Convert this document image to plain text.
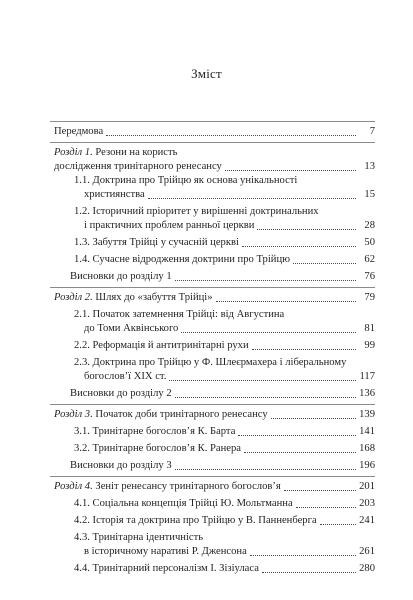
Зміст
Передмова	7
Розділ 1. Резони на користь
дослідження тринітарного ренесансу	13
1.1. Доктрина про Трійцю як основа унікальності
християнства	15
1.2. Історичний пріоритет у вирішенні доктринальних
і практичних проблем ранньої церкви	28
1.3. Забуття Трійці у сучасній церкві	50
1.4. Сучасне відродження доктрини про Трійцю	62
Висновки до розділу 1	76
Розділ 2. Шлях до «забуття Трійці»	79
2.1. Початок затемнення Трійці: від Августина
до Томи Аквінського	81
2.2. Реформація й антитринітарні рухи	99
2.3. Доктрина про Трійцю у Ф. Шлеєрмахера і ліберальному
богослов’ї XIX ст.	117
Висновки до розділу 2	136
Розділ 3. Початок доби тринітарного ренесансу	139
3.1. Тринітарне богослов’я К. Барта	141
3.2. Тринітарне богослов’я К. Ранера	168
Висновки до розділу 3	196
Розділ 4. Зеніт ренесансу тринітарного богослов’я	201
4.1. Соціальна концепція Трійці Ю. Мольтманна	203
4.2. Історія та доктрина про Трійцю у В. Панненберга	241
4.3. Тринітарна ідентичність
в історичному наративі Р. Дженсона	261
4.4. Тринітарний персоналізм І. Зізіуласа	280
